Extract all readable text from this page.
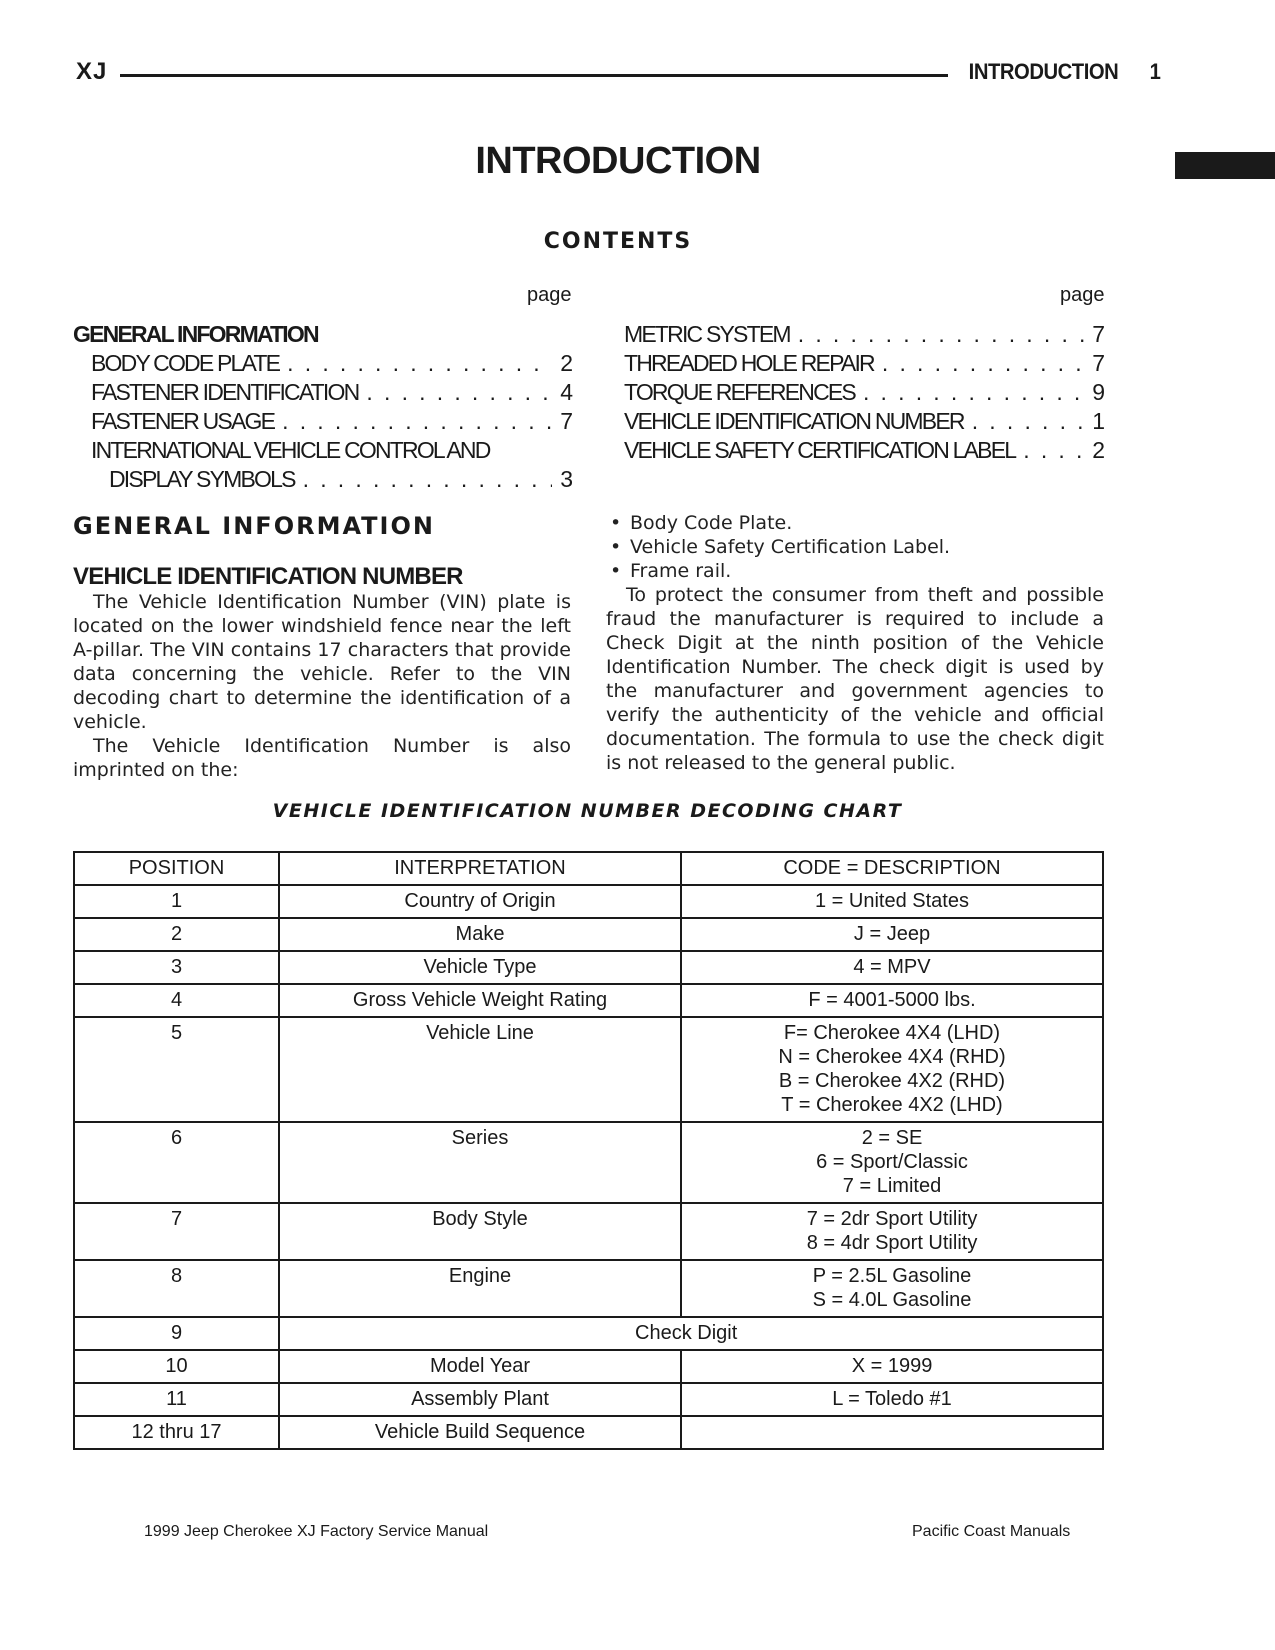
XJ	INTRODUCTION 1
INTRODUCTION
CONTENTS
page	page
GENERAL INFORMATION
BODY CODE PLATE . . .	2
FASTENER IDENTIFICATION . . .	4
FASTENER USAGE . . .	7
INTERNATIONAL VEHICLE CONTROL AND
DISPLAY SYMBOLS . . .	3
METRIC SYSTEM . . .	7
THREADED HOLE REPAIR . . .	7
TORQUE REFERENCES . . .	9
VEHICLE IDENTIFICATION NUMBER . . .	1
VEHICLE SAFETY CERTIFICATION LABEL . . .	2
GENERAL INFORMATION
VEHICLE IDENTIFICATION NUMBER

The Vehicle Identification Number (VIN) plate is located on the lower windshield fence near the left A-pillar. The VIN contains 17 characters that provide data concerning the vehicle. Refer to the VIN decoding chart to determine the identification of a vehicle.

The Vehicle Identification Number is also imprinted on the:

• Body Code Plate.
• Vehicle Safety Certification Label.
• Frame rail.

To protect the consumer from theft and possible fraud the manufacturer is required to include a Check Digit at the ninth position of the Vehicle Identification Number. The check digit is used by the manufacturer and government agencies to verify the authenticity of the vehicle and official documentation. The formula to use the check digit is not released to the general public.

VEHICLE IDENTIFICATION NUMBER DECODING CHART
POSITION	INTERPRETATION	CODE = DESCRIPTION
1	Country of Origin	1 = United States

2	Make	J = Jeep

3	Vehicle Type	4 = MPV

4	Gross Vehicle Weight Rating	F = 4001-5000 lbs.

5	Vehicle Line	F= Cherokee 4X4 (LHD)
N = Cherokee 4X4 (RHD)
B = Cherokee 4X2 (RHD)
T = Cherokee 4X2 (LHD)

6	Series	2 = SE
6 = Sport/Classic
7 = Limited

7	Body Style	7 = 2dr Sport Utility
8 = 4dr Sport Utility

8	Engine	P = 2.5L Gasoline
S = 4.0L Gasoline

9	Check Digit	
10	Model Year	X = 1999

11	Assembly Plant	L = Toledo #1

12 thru 17	Vehicle Build Sequence	
1999 Jeep Cherokee XJ Factory Service Manual	Pacific Coast Manuals
